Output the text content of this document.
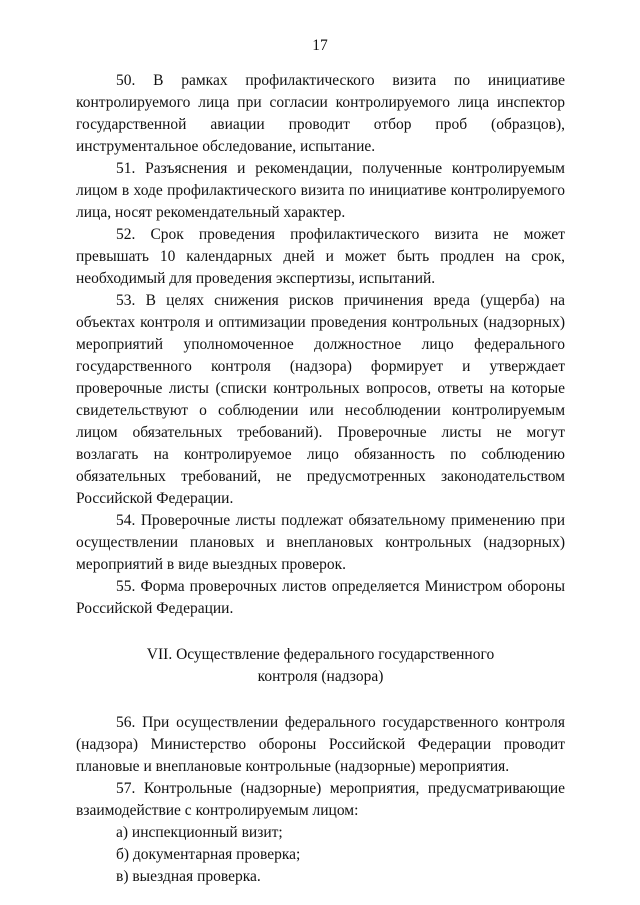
17

50. В рамках профилактического визита по инициативе контролируемого лица при согласии контролируемого лица инспектор государственной авиации проводит отбор проб (образцов), инструментальное обследование, испытание.

51. Разъяснения и рекомендации, полученные контролируемым лицом в ходе профилактического визита по инициативе контролируемого лица, носят рекомендательный характер.

52. Срок проведения профилактического визита не может превышать 10 календарных дней и может быть продлен на срок, необходимый для проведения экспертизы, испытаний.

53. В целях снижения рисков причинения вреда (ущерба) на объектах контроля и оптимизации проведения контрольных (надзорных) мероприятий уполномоченное должностное лицо федерального государственного контроля (надзора) формирует и утверждает проверочные листы (списки контрольных вопросов, ответы на которые свидетельствуют о соблюдении или несоблюдении контролируемым лицом обязательных требований). Проверочные листы не могут возлагать на контролируемое лицо обязанность по соблюдению обязательных требований, не предусмотренных законодательством Российской Федерации.

54. Проверочные листы подлежат обязательному применению при осуществлении плановых и внеплановых контрольных (надзорных) мероприятий в виде выездных проверок.

55. Форма проверочных листов определяется Министром обороны Российской Федерации.

VII. Осуществление федерального государственного
контроля (надзора)

56. При осуществлении федерального государственного контроля (надзора) Министерство обороны Российской Федерации проводит плановые и внеплановые контрольные (надзорные) мероприятия.

57. Контрольные (надзорные) мероприятия, предусматривающие взаимодействие с контролируемым лицом:

а) инспекционный визит;

б) документарная проверка;

в) выездная проверка.
